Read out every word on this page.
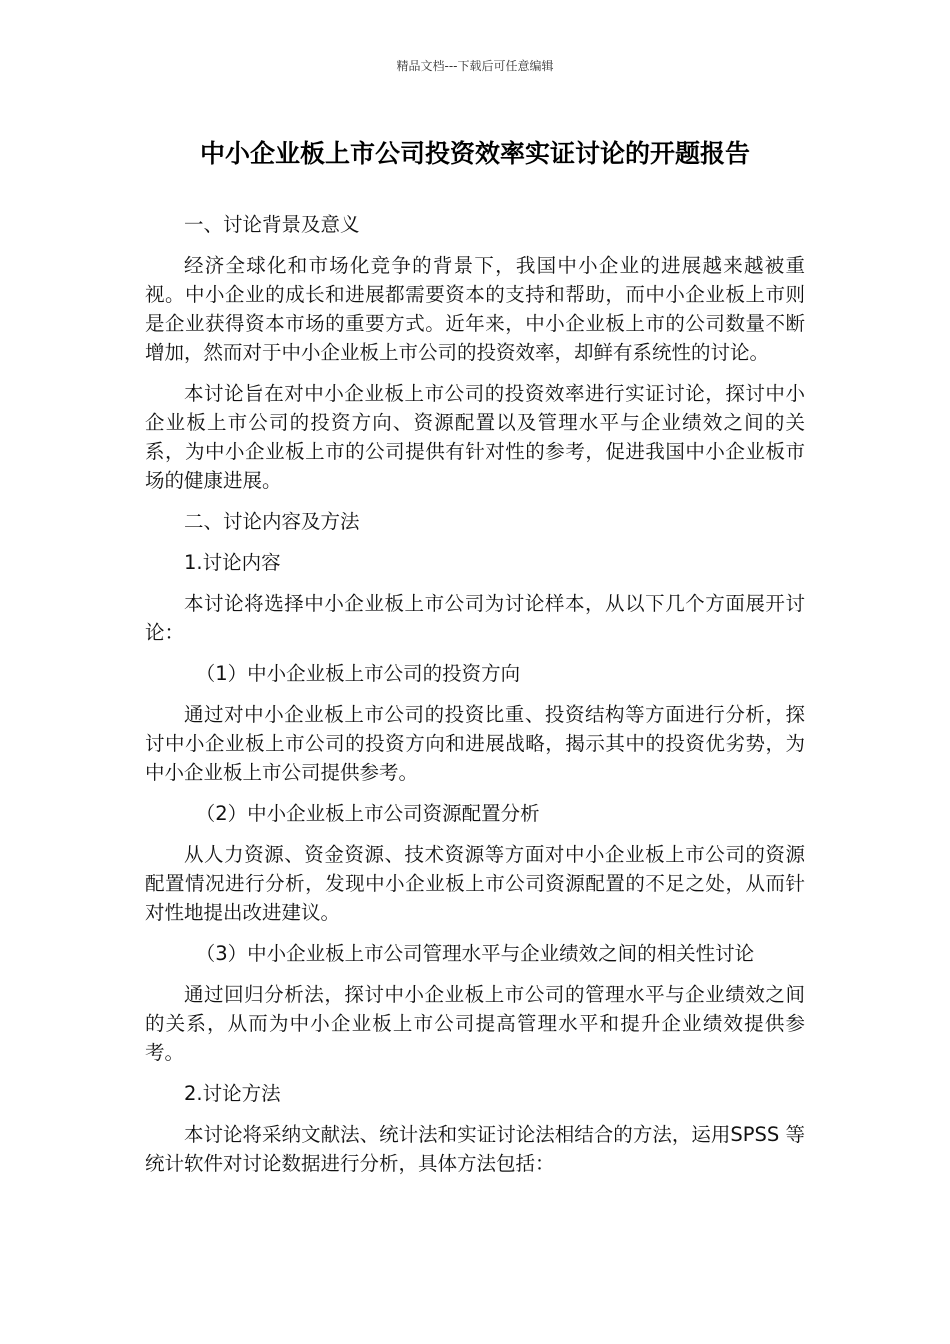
精品文档---下载后可任意编辑
中小企业板上市公司投资效率实证讨论的开题报告

一、讨论背景及意义

经济全球化和市场化竞争的背景下，我国中小企业的进展越来越被重视。中小企业的成长和进展都需要资本的支持和帮助，而中小企业板上市则是企业获得资本市场的重要方式。近年来，中小企业板上市的公司数量不断增加，然而对于中小企业板上市公司的投资效率，却鲜有系统性的讨论。

本讨论旨在对中小企业板上市公司的投资效率进行实证讨论，探讨中小企业板上市公司的投资方向、资源配置以及管理水平与企业绩效之间的关系，为中小企业板上市的公司提供有针对性的参考，促进我国中小企业板市场的健康进展。

二、讨论内容及方法

1.讨论内容

本讨论将选择中小企业板上市公司为讨论样本，从以下几个方面展开讨论：

（1）中小企业板上市公司的投资方向

通过对中小企业板上市公司的投资比重、投资结构等方面进行分析，探讨中小企业板上市公司的投资方向和进展战略，揭示其中的投资优劣势，为中小企业板上市公司提供参考。

（2）中小企业板上市公司资源配置分析

从人力资源、资金资源、技术资源等方面对中小企业板上市公司的资源配置情况进行分析，发现中小企业板上市公司资源配置的不足之处，从而针对性地提出改进建议。

（3）中小企业板上市公司管理水平与企业绩效之间的相关性讨论

通过回归分析法，探讨中小企业板上市公司的管理水平与企业绩效之间的关系，从而为中小企业板上市公司提高管理水平和提升企业绩效提供参考。

2.讨论方法

本讨论将采纳文献法、统计法和实证讨论法相结合的方法，运用SPSS 等统计软件对讨论数据进行分析，具体方法包括：
